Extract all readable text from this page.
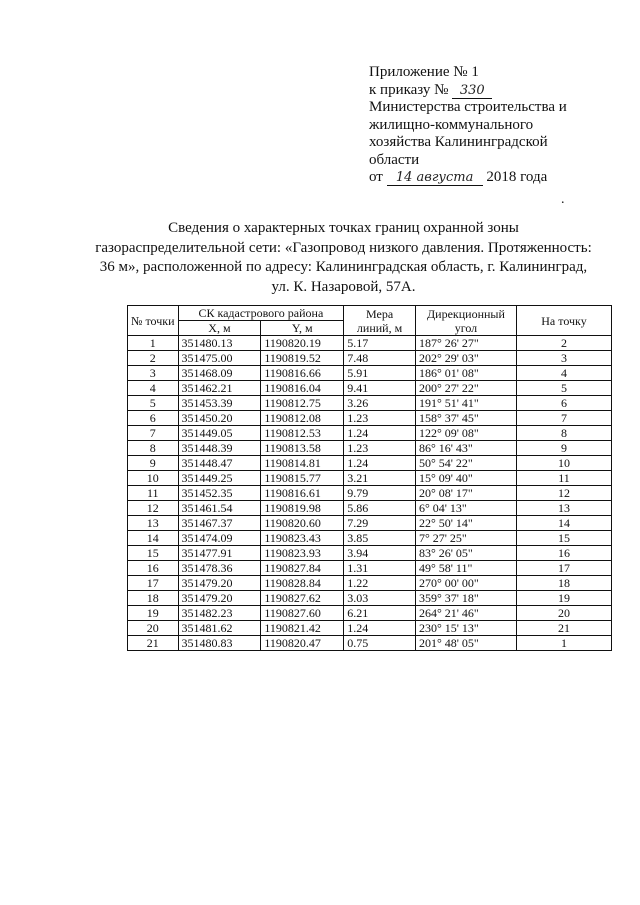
Приложение № 1
к приказу № 330
Министерства строительства и
жилищно-коммунального
хозяйства Калининградской
области
от 14 августа 2018 года
.
Сведения о характерных точках границ охранной зоны
газораспределительной сети: «Газопровод низкого давления. Протяженность:
36 м», расположенной по адресу: Калининградская область, г. Калининград,
ул. К. Назаровой, 57А.
№ точки	СК кадастрового района		Мера линий, м	Дирекционный угол	На точку
	X, м	Y, м			
1	351480.13	1190820.19	5.17	187° 26' 27"	2
2	351475.00	1190819.52	7.48	202° 29' 03"	3
3	351468.09	1190816.66	5.91	186° 01' 08"	4
4	351462.21	1190816.04	9.41	200° 27' 22"	5
5	351453.39	1190812.75	3.26	191° 51' 41"	6
6	351450.20	1190812.08	1.23	158° 37' 45"	7
7	351449.05	1190812.53	1.24	122° 09' 08"	8
8	351448.39	1190813.58	1.23	86° 16' 43"	9
9	351448.47	1190814.81	1.24	50° 54' 22"	10
10	351449.25	1190815.77	3.21	15° 09' 40"	11
11	351452.35	1190816.61	9.79	20° 08' 17"	12
12	351461.54	1190819.98	5.86	6° 04' 13"	13
13	351467.37	1190820.60	7.29	22° 50' 14"	14
14	351474.09	1190823.43	3.85	7° 27' 25"	15
15	351477.91	1190823.93	3.94	83° 26' 05"	16
16	351478.36	1190827.84	1.31	49° 58' 11"	17
17	351479.20	1190828.84	1.22	270° 00' 00"	18
18	351479.20	1190827.62	3.03	359° 37' 18"	19
19	351482.23	1190827.60	6.21	264° 21' 46"	20
20	351481.62	1190821.42	1.24	230° 15' 13"	21
21	351480.83	1190820.47	0.75	201° 48' 05"	1
